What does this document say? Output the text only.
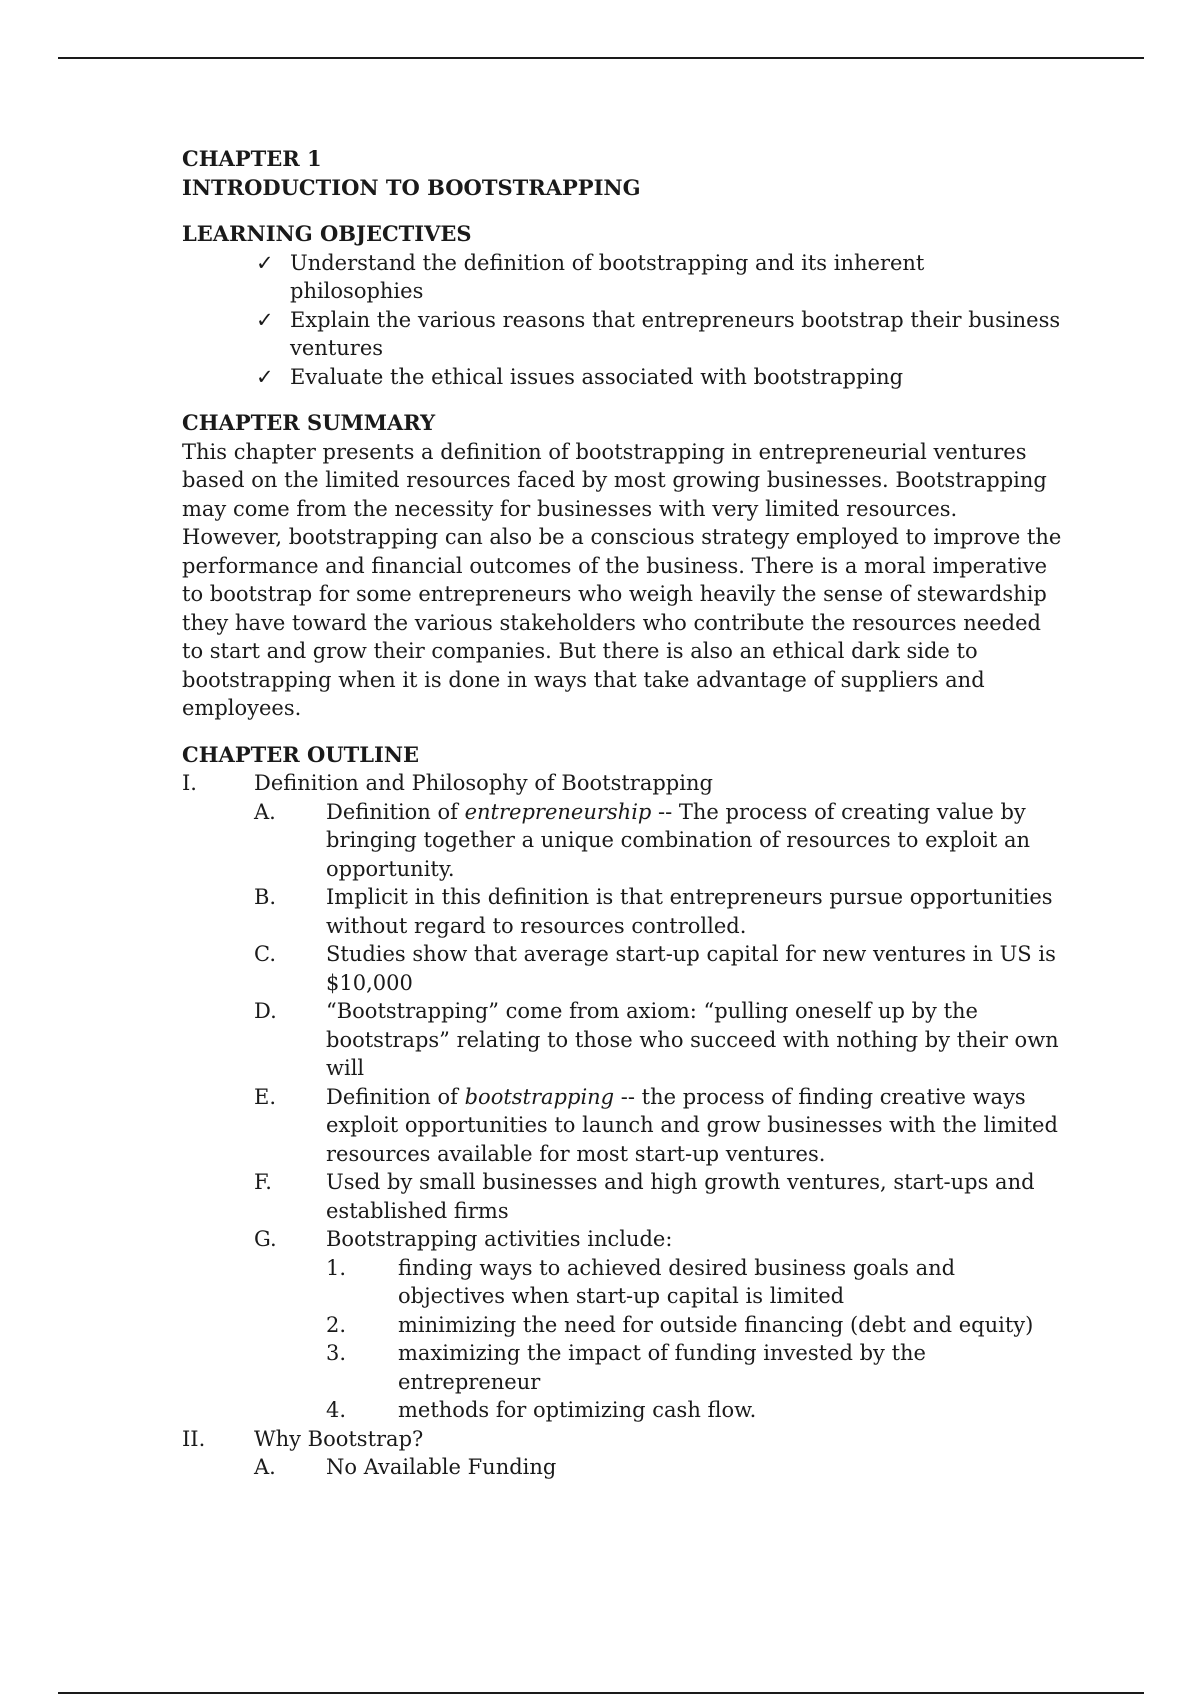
CHAPTER 1
INTRODUCTION TO BOOTSTRAPPING
LEARNING OBJECTIVES
✓ Understand the definition of bootstrapping and its inherent philosophies
✓ Explain the various reasons that entrepreneurs bootstrap their business ventures
✓ Evaluate the ethical issues associated with bootstrapping
CHAPTER SUMMARY

This chapter presents a definition of bootstrapping in entrepreneurial ventures based on the limited resources faced by most growing businesses. Bootstrapping may come from the necessity for businesses with very limited resources. However, bootstrapping can also be a conscious strategy employed to improve the performance and financial outcomes of the business. There is a moral imperative to bootstrap for some entrepreneurs who weigh heavily the sense of stewardship they have toward the various stakeholders who contribute the resources needed to start and grow their companies. But there is also an ethical dark side to bootstrapping when it is done in ways that take advantage of suppliers and employees.

CHAPTER OUTLINE
I.	Definition and Philosophy of Bootstrapping
A. Definition of entrepreneurship -- The process of creating value by bringing together a unique combination of resources to exploit an opportunity.
B. Implicit in this definition is that entrepreneurs pursue opportunities without regard to resources controlled.
C. Studies show that average start-up capital for new ventures in US is $10,000
D. “Bootstrapping” come from axiom: “pulling oneself up by the bootstraps” relating to those who succeed with nothing by their own will
E. Definition of bootstrapping -- the process of finding creative ways exploit opportunities to launch and grow businesses with the limited resources available for most start-up ventures.
F.	Used by small businesses and high growth ventures, start-ups and established firms
G. Bootstrapping activities include:
1. finding ways to achieved desired business goals and objectives when start-up capital is limited
2. minimizing the need for outside financing (debt and equity)
3. maximizing the impact of funding invested by the entrepreneur
4. methods for optimizing cash flow.
II. Why Bootstrap?
A. No Available Funding
